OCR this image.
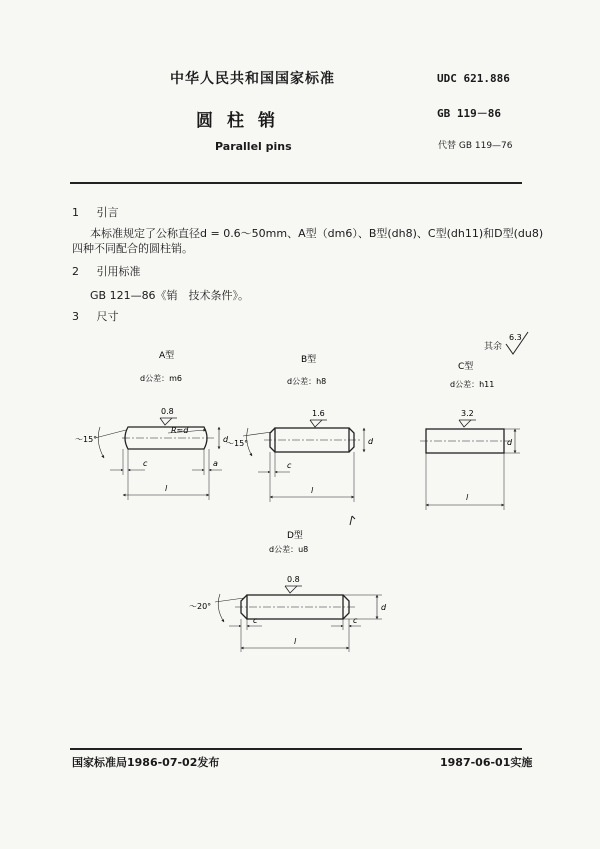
中华人民共和国国家标准
圆柱销
Parallel pins
UDC 621.886
GB 119－86
代替 GB 119—76
1 引言
本标准规定了公称直径d = 0.6～50mm、A型（dm6）、B型(dh8)、C型(dh11)和D型(du8)
四种不同配合的圆柱销。
2 引用标准
GB 121—86《销　技术条件》。
3 尺寸
其余
6.3
A型
d公差：m6
0.8
R≈d
～15°	d
c	a
l
B型
d公差：h8
1.6
～15°	d
c
l
C型
d公差：h11
3.2
d
l
D型
d公差：u8
0.8
～20°	d
c	c
l
国家标准局1986-07-02发布	1987-06-01实施
